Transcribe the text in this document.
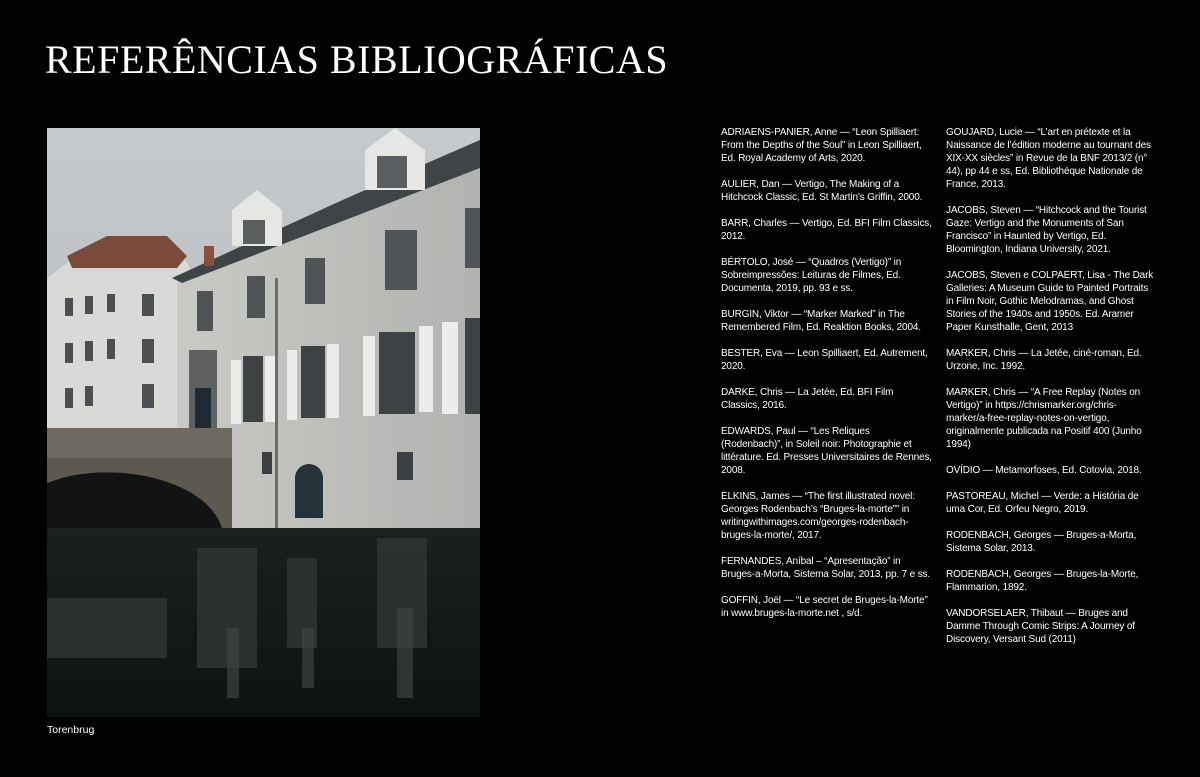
REFERÊNCIAS BIBLIOGRÁFICAS
Torenbrug

ADRIAENS-PANIER, Anne — “Leon Spilliaert: From the Depths of the Soul” in Leon Spilliaert, Ed. Royal Academy of Arts, 2020.

AULIER, Dan — Vertigo, The Making of a Hitchcock Classic, Ed. St Martin’s Griffin, 2000.

BARR, Charles — Vertigo, Ed. BFI Film Classics, 2012.

BÉRTOLO, José — “Quadros (Vertigo)” in Sobreimpressões: Leituras de Filmes, Ed. Documenta, 2019, pp. 93 e ss.

BURGIN, Viktor — “Marker Marked” in The Remembered Film, Ed. Reaktion Books, 2004.

BESTER, Eva — Leon Spilliaert, Ed. Autrement, 2020.

DARKE, Chris — La Jetée, Ed. BFI Film Classics, 2016.

EDWARDS, Paul — “Les Reliques (Rodenbach)”, in Soleil noir: Photographie et littérature. Ed. Presses Universitaires de Rennes, 2008.

ELKINS, James — “The first illustrated novel: Georges Rodenbach’s “Bruges-la-morte”” in writingwithimages.com/georges-rodenbach-bruges-la-morte/, 2017.

FERNANDES, Aníbal – “Apresentação” in Bruges-a-Morta, Sistema Solar, 2013, pp. 7 e ss.

GOFFIN, Joël — “Le secret de Bruges-la-Morte” in www.bruges-la-morte.net , s/d.

GOUJARD, Lucie — “L’art en prétexte et la Naissance de l’édition moderne au tournant des XIX-XX siècles” in Revue de la BNF 2013/2 (n° 44), pp 44 e ss, Ed. Bibliothèque Nationale de France, 2013.

JACOBS, Steven — “Hitchcock and the Tourist Gaze: Vertigo and the Monuments of San Francisco” in Haunted by Vertigo, Ed. Bloomington, Indiana University, 2021.

JACOBS, Steven e COLPAERT, Lisa - The Dark Galleries: A Museum Guide to Painted Portraits in Film Noir, Gothic Melodramas, and Ghost Stories of the 1940s and 1950s. Ed. Aramer Paper Kunsthalle, Gent, 2013

MARKER, Chris — La Jetée, ciné-roman, Ed. Urzone, Inc. 1992.

MARKER, Chris — “A Free Replay (Notes on Vertigo)” in https://chrismarker.org/chris-marker/a-free-replay-notes-on-vertigo, originalmente publicada na Positif 400 (Junho 1994)

OVÍDIO — Metamorfoses, Ed. Cotovia, 2018.

PASTOREAU, Michel — Verde: a História de uma Cor, Ed. Orfeu Negro, 2019.

RODENBACH, Georges — Bruges-a-Morta, Sistema Solar, 2013.

RODENBACH, Georges — Bruges-la-Morte, Flammarion, 1892.

VANDORSELAER, Thibaut — Bruges and Damme Through Comic Strips: A Journey of Discovery, Versant Sud (2011)
